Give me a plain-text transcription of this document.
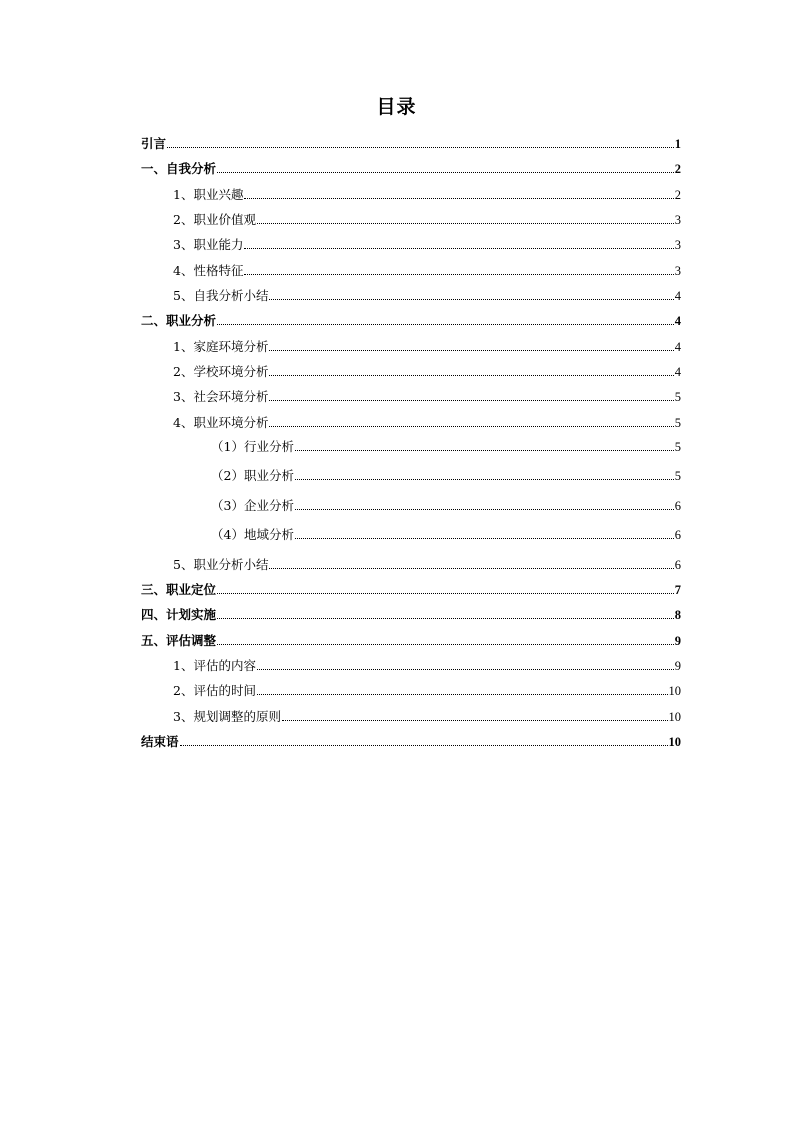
目录
引言	1
一、自我分析	2
1、职业兴趣	2
2、职业价值观	3
3、职业能力	3
4、性格特征	3
5、自我分析小结	4
二、职业分析	4
1、家庭环境分析	4
2、学校环境分析	4
3、社会环境分析	5
4、职业环境分析	5
（1）行业分析	5
（2）职业分析	5
（3）企业分析	6
（4）地域分析	6
5、职业分析小结	6
三、职业定位	7
四、计划实施	8
五、评估调整	9
1、评估的内容	9
2、评估的时间	10
3、规划调整的原则	10
结束语	10
